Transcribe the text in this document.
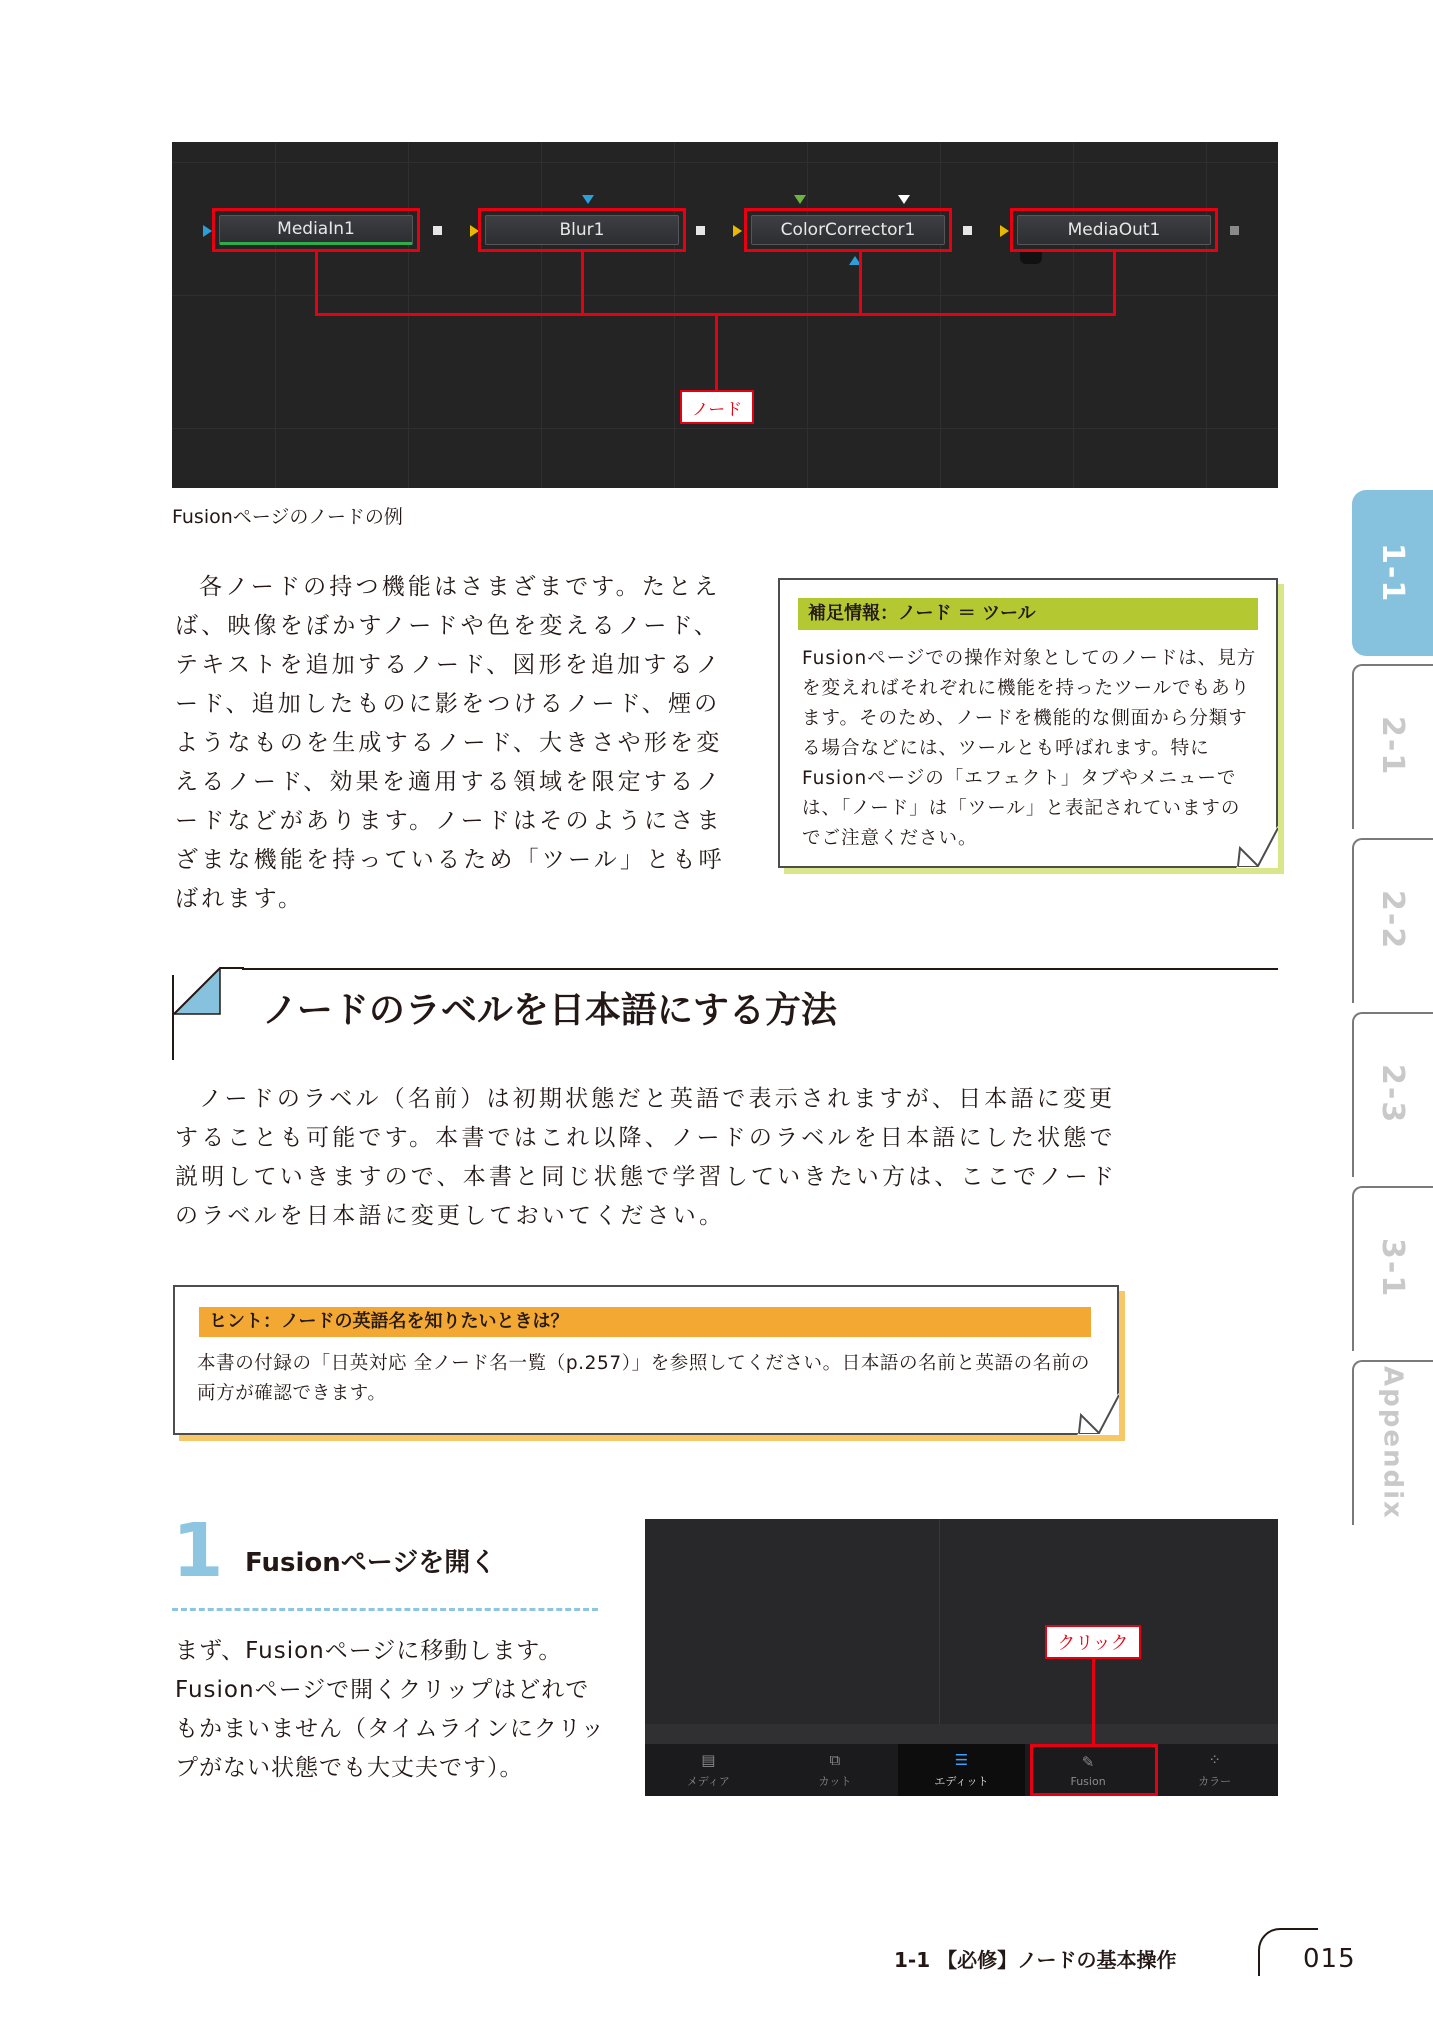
MediaIn1	Blur1	ColorCorrector1	MediaOut1
ノード
Fusionページのノードの例
各ノードの持つ機能はさまざまです。たとえば、映像をぼかすノードや色を変えるノード、テキストを追加するノード、図形を追加するノード、追加したものに影をつけるノード、煙のようなものを生成するノード、大きさや形を変えるノード、効果を適用する領域を限定するノードなどがあります。ノードはそのようにさまざまな機能を持っているため「ツール」とも呼ばれます。
補足情報：ノード ＝ ツール
Fusionページでの操作対象としてのノードは、見方を変えればそれぞれに機能を持ったツールでもあります。そのため、ノードを機能的な側面から分類する場合などには、ツールとも呼ばれます。特にFusionページの「エフェクト」タブやメニューでは、「ノード」は「ツール」と表記されていますのでご注意ください。
ノードのラベルを日本語にする方法
ノードのラベル（名前）は初期状態だと英語で表示されますが、日本語に変更することも可能です。本書ではこれ以降、ノードのラベルを日本語にした状態で説明していきますので、本書と同じ状態で学習していきたい方は、ここでノードのラベルを日本語に変更しておいてください。
ヒント：ノードの英語名を知りたいときは？
本書の付録の「日英対応 全ノード名一覧（p.257）」を参照してください。日本語の名前と英語の名前の両方が確認できます。
1 Fusionページを開く
まず、Fusionページに移動します。Fusionページで開くクリップはどれでもかまいません（タイムラインにクリップがない状態でも大丈夫です）。	▤
メディア
⧉
カット
☰
エディット
✎
Fusion
⁘
カラー
クリック
1-1
2-1
2-2
2-3
3-1
Appendix
1-1 【必修】ノードの基本操作	015
